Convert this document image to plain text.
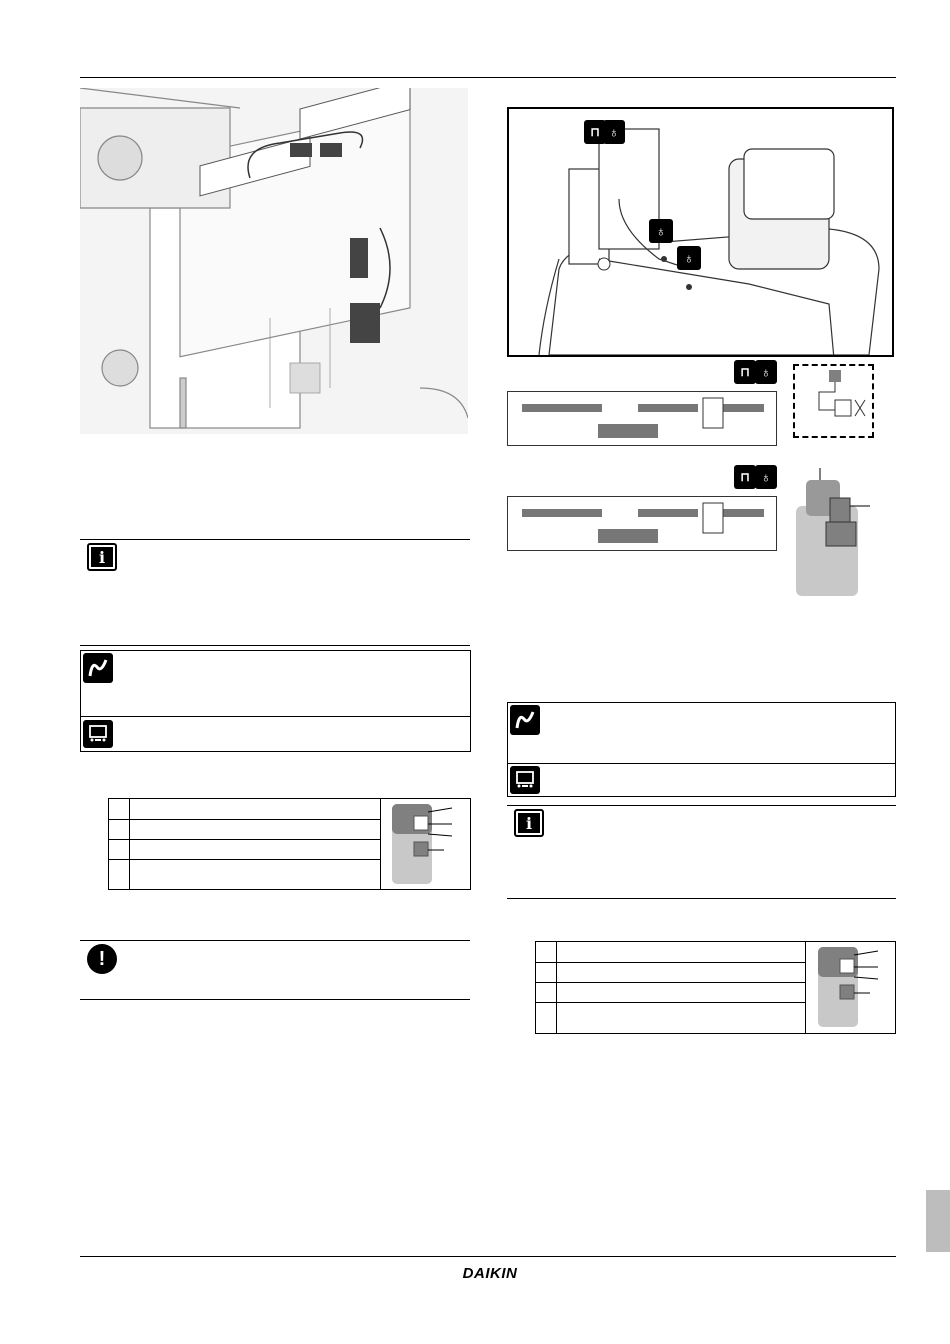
i
!
⊓ ♁
♁
♁
⊓ ♁
⊓ ♁
i
DAIKIN
